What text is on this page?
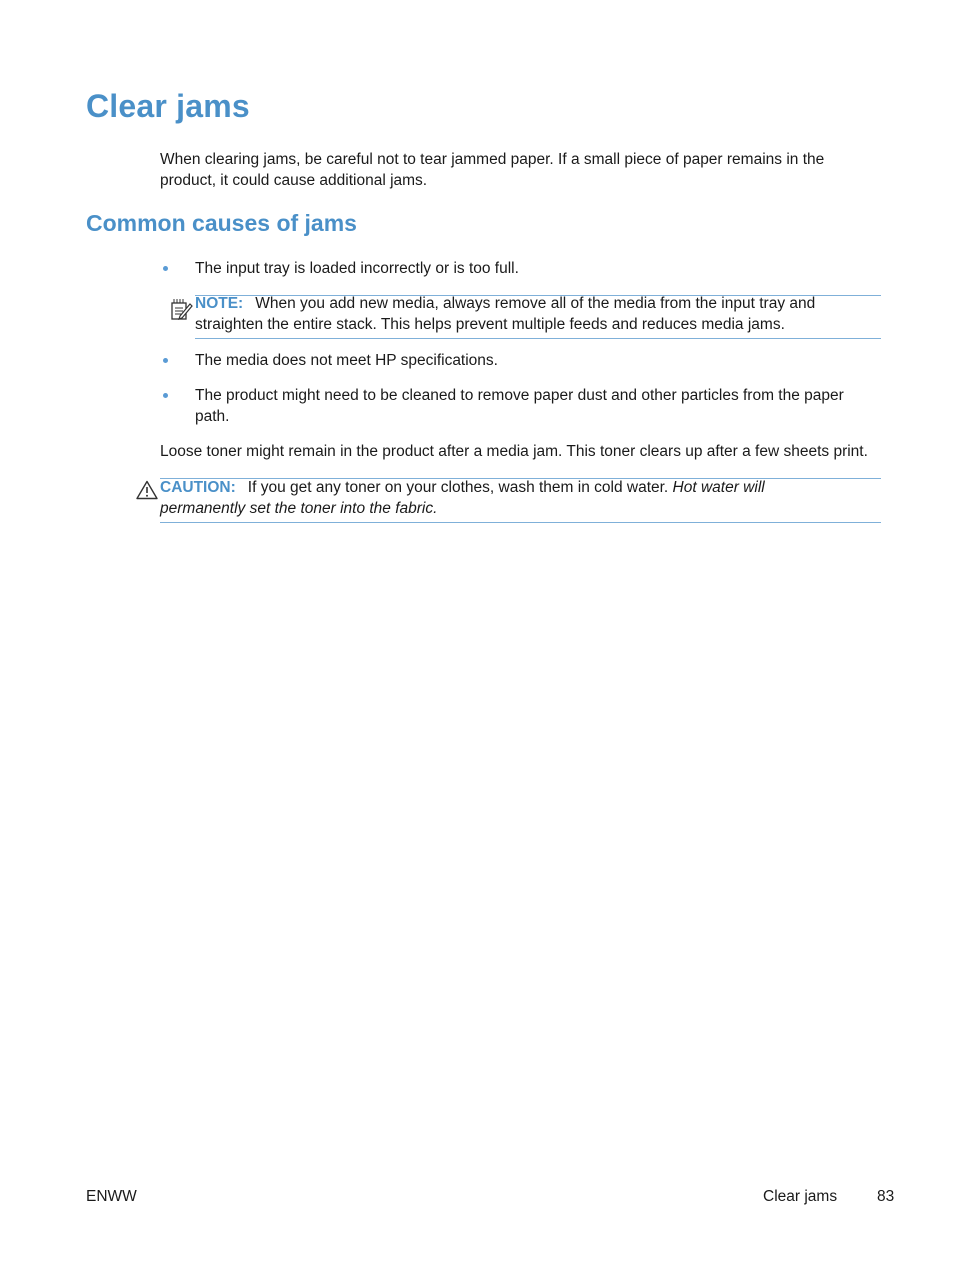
Clear jams

When clearing jams, be careful not to tear jammed paper. If a small piece of paper remains in the product, it could cause additional jams.

Common causes of jams

The input tray is loaded incorrectly or is too full.

NOTE: When you add new media, always remove all of the media from the input tray and straighten the entire stack. This helps prevent multiple feeds and reduces media jams.

The media does not meet HP specifications.

The product might need to be cleaned to remove paper dust and other particles from the paper path.

Loose toner might remain in the product after a media jam. This toner clears up after a few sheets print.

CAUTION: If you get any toner on your clothes, wash them in cold water. Hot water will permanently set the toner into the fabric.

ENWW	Clear jams	83
